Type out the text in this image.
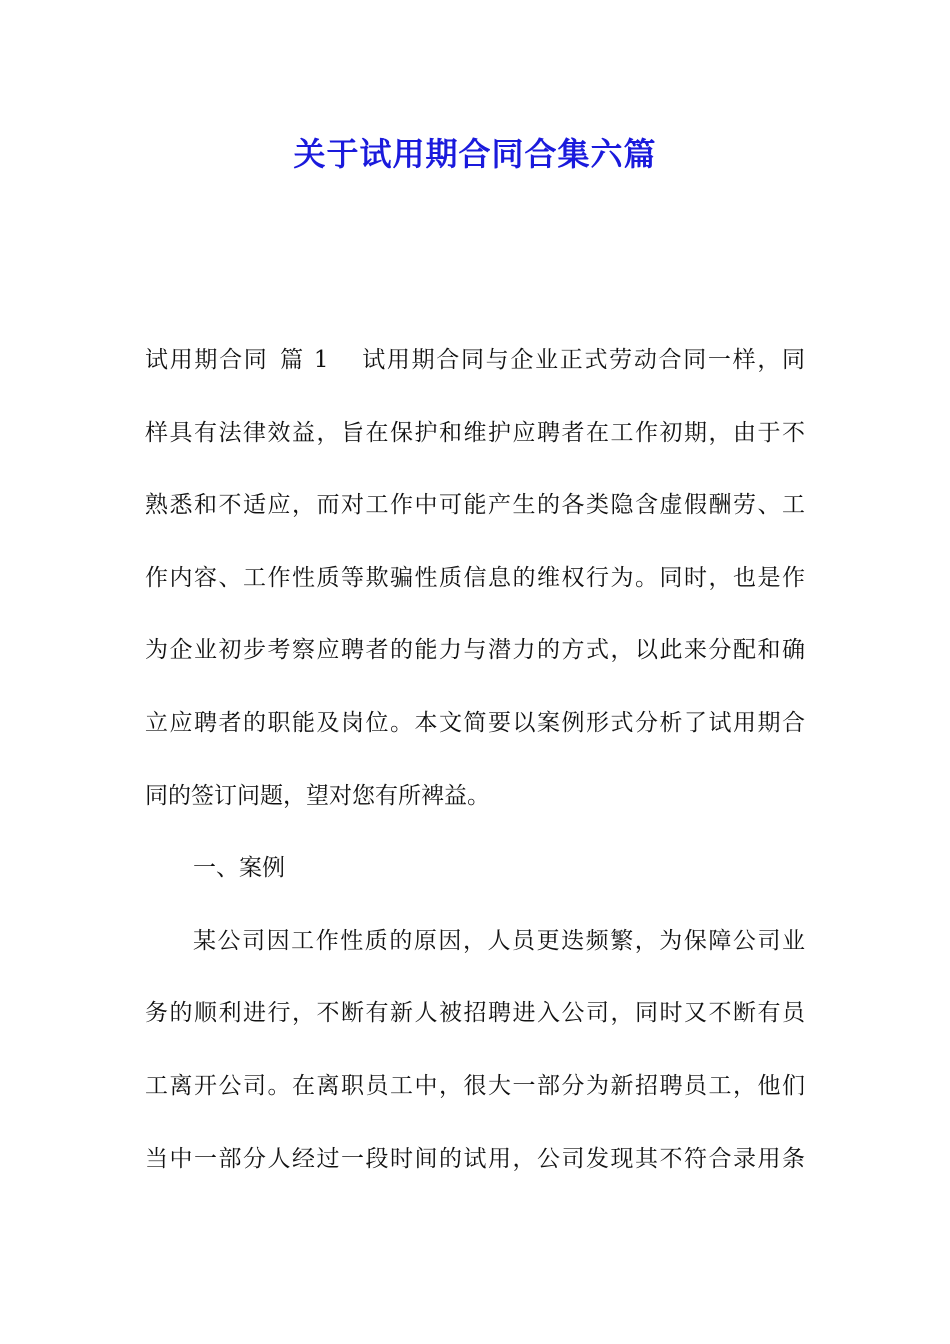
关于试用期合同合集六篇
试用期合同 篇 1 试用期合同与企业正式劳动合同一样，同
样具有法律效益，旨在保护和维护应聘者在工作初期，由于不
熟悉和不适应，而对工作中可能产生的各类隐含虚假酬劳、工
作内容、工作性质等欺骗性质信息的维权行为。同时，也是作
为企业初步考察应聘者的能力与潜力的方式，以此来分配和确
立应聘者的职能及岗位。本文简要以案例形式分析了试用期合
同的签订问题，望对您有所裨益。
一、案例
某公司因工作性质的原因，人员更迭频繁，为保障公司业
务的顺利进行，不断有新人被招聘进入公司，同时又不断有员
工离开公司。在离职员工中，很大一部分为新招聘员工，他们
当中一部分人经过一段时间的试用，公司发现其不符合录用条
